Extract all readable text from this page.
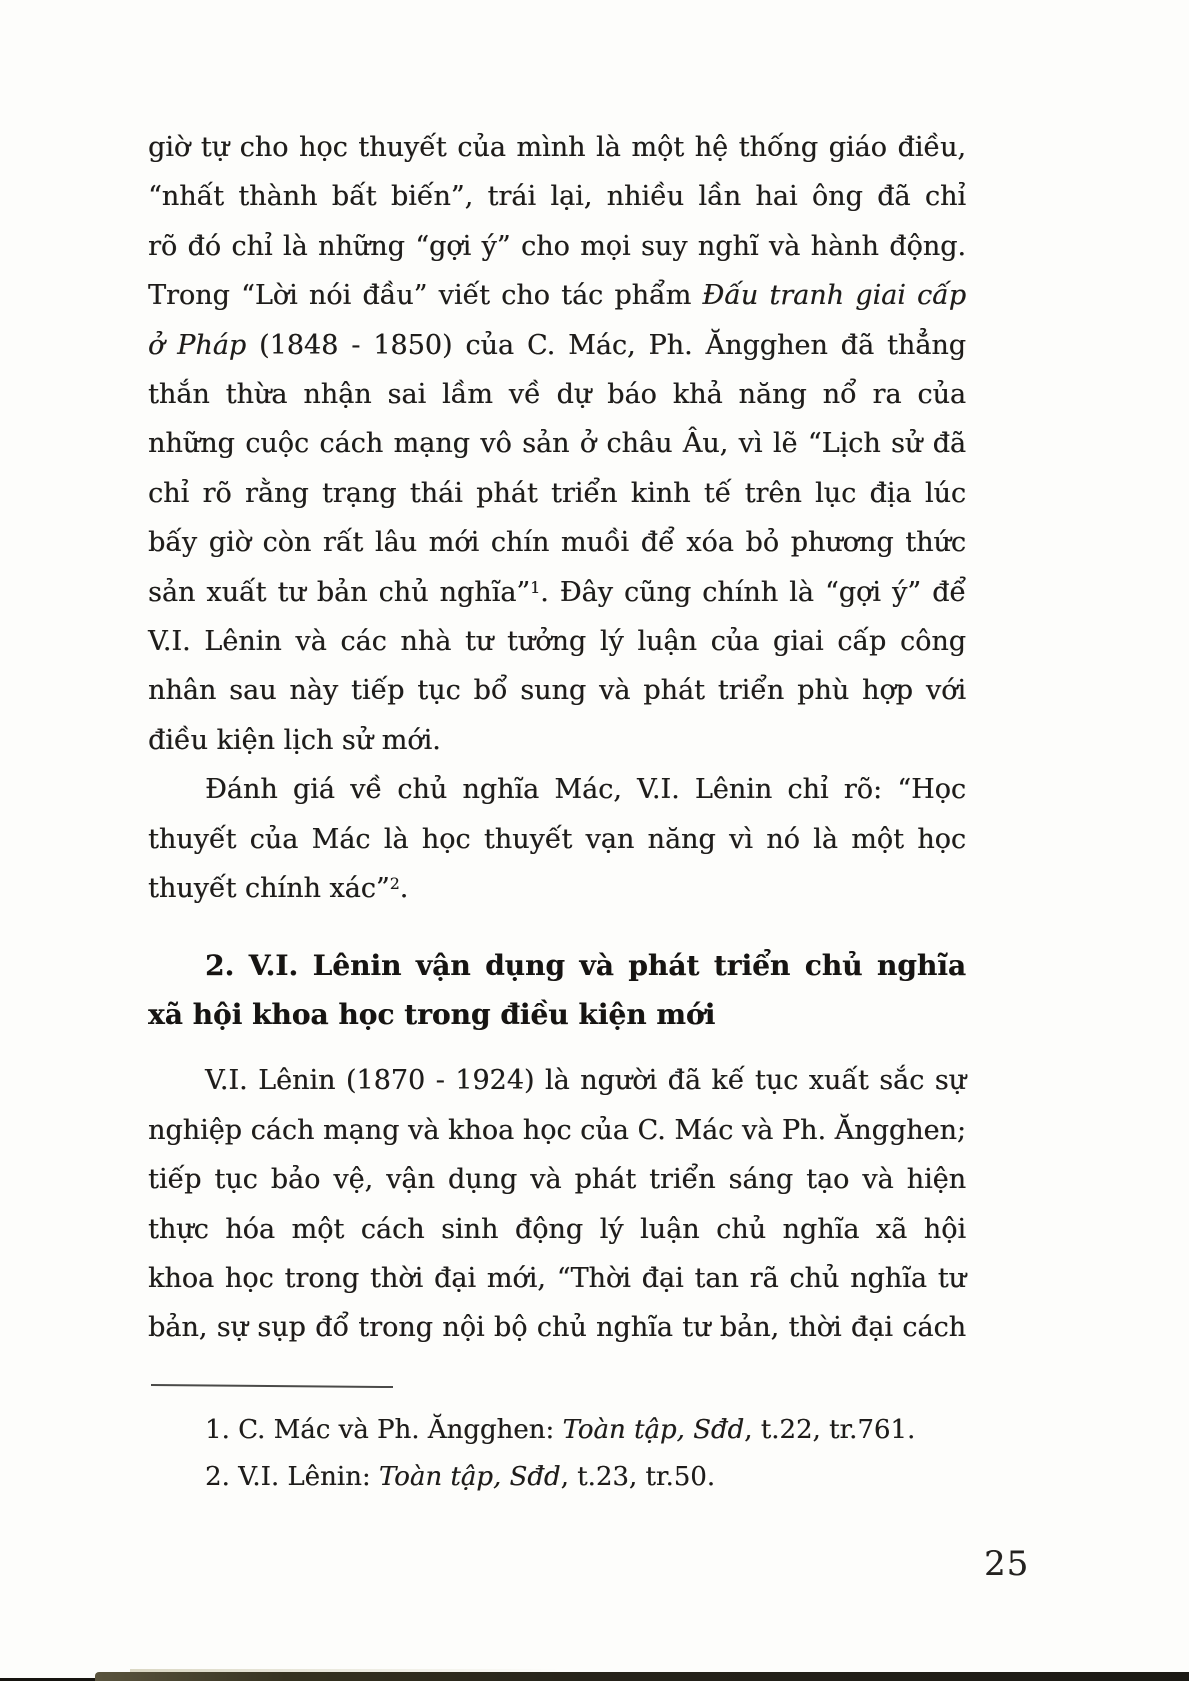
giờ tự cho học thuyết của mình là một hệ thống giáo điều,
“nhất thành bất biến”, trái lại, nhiều lần hai ông đã chỉ
rõ đó chỉ là những “gợi ý” cho mọi suy nghĩ và hành động.
Trong “Lời nói đầu” viết cho tác phẩm Đấu tranh giai cấp
ở Pháp (1848 - 1850) của C. Mác, Ph. Ăngghen đã thẳng
thắn thừa nhận sai lầm về dự báo khả năng nổ ra của
những cuộc cách mạng vô sản ở châu Âu, vì lẽ “Lịch sử đã
chỉ rõ rằng trạng thái phát triển kinh tế trên lục địa lúc
bấy giờ còn rất lâu mới chín muồi để xóa bỏ phương thức
sản xuất tư bản chủ nghĩa”$^1$. Đây cũng chính là “gợi ý” để
V.I. Lênin và các nhà tư tưởng lý luận của giai cấp công
nhân sau này tiếp tục bổ sung và phát triển phù hợp với
điều kiện lịch sử mới.
Đánh giá về chủ nghĩa Mác, V.I. Lênin chỉ rõ: “Học
thuyết của Mác là học thuyết vạn năng vì nó là một học
thuyết chính xác”$^2$.
2. V.I. Lênin vận dụng và phát triển chủ nghĩa
xã hội khoa học trong điều kiện mới
V.I. Lênin (1870 - 1924) là người đã kế tục xuất sắc sự
nghiệp cách mạng và khoa học của C. Mác và Ph. Ăngghen;
tiếp tục bảo vệ, vận dụng và phát triển sáng tạo và hiện
thực hóa một cách sinh động lý luận chủ nghĩa xã hội
khoa học trong thời đại mới, “Thời đại tan rã chủ nghĩa tư
bản, sự sụp đổ trong nội bộ chủ nghĩa tư bản, thời đại cách
1. C. Mác và Ph. Ăngghen: Toàn tập, Sđd, t.22, tr.761.
2. V.I. Lênin: Toàn tập, Sđd, t.23, tr.50.
25
